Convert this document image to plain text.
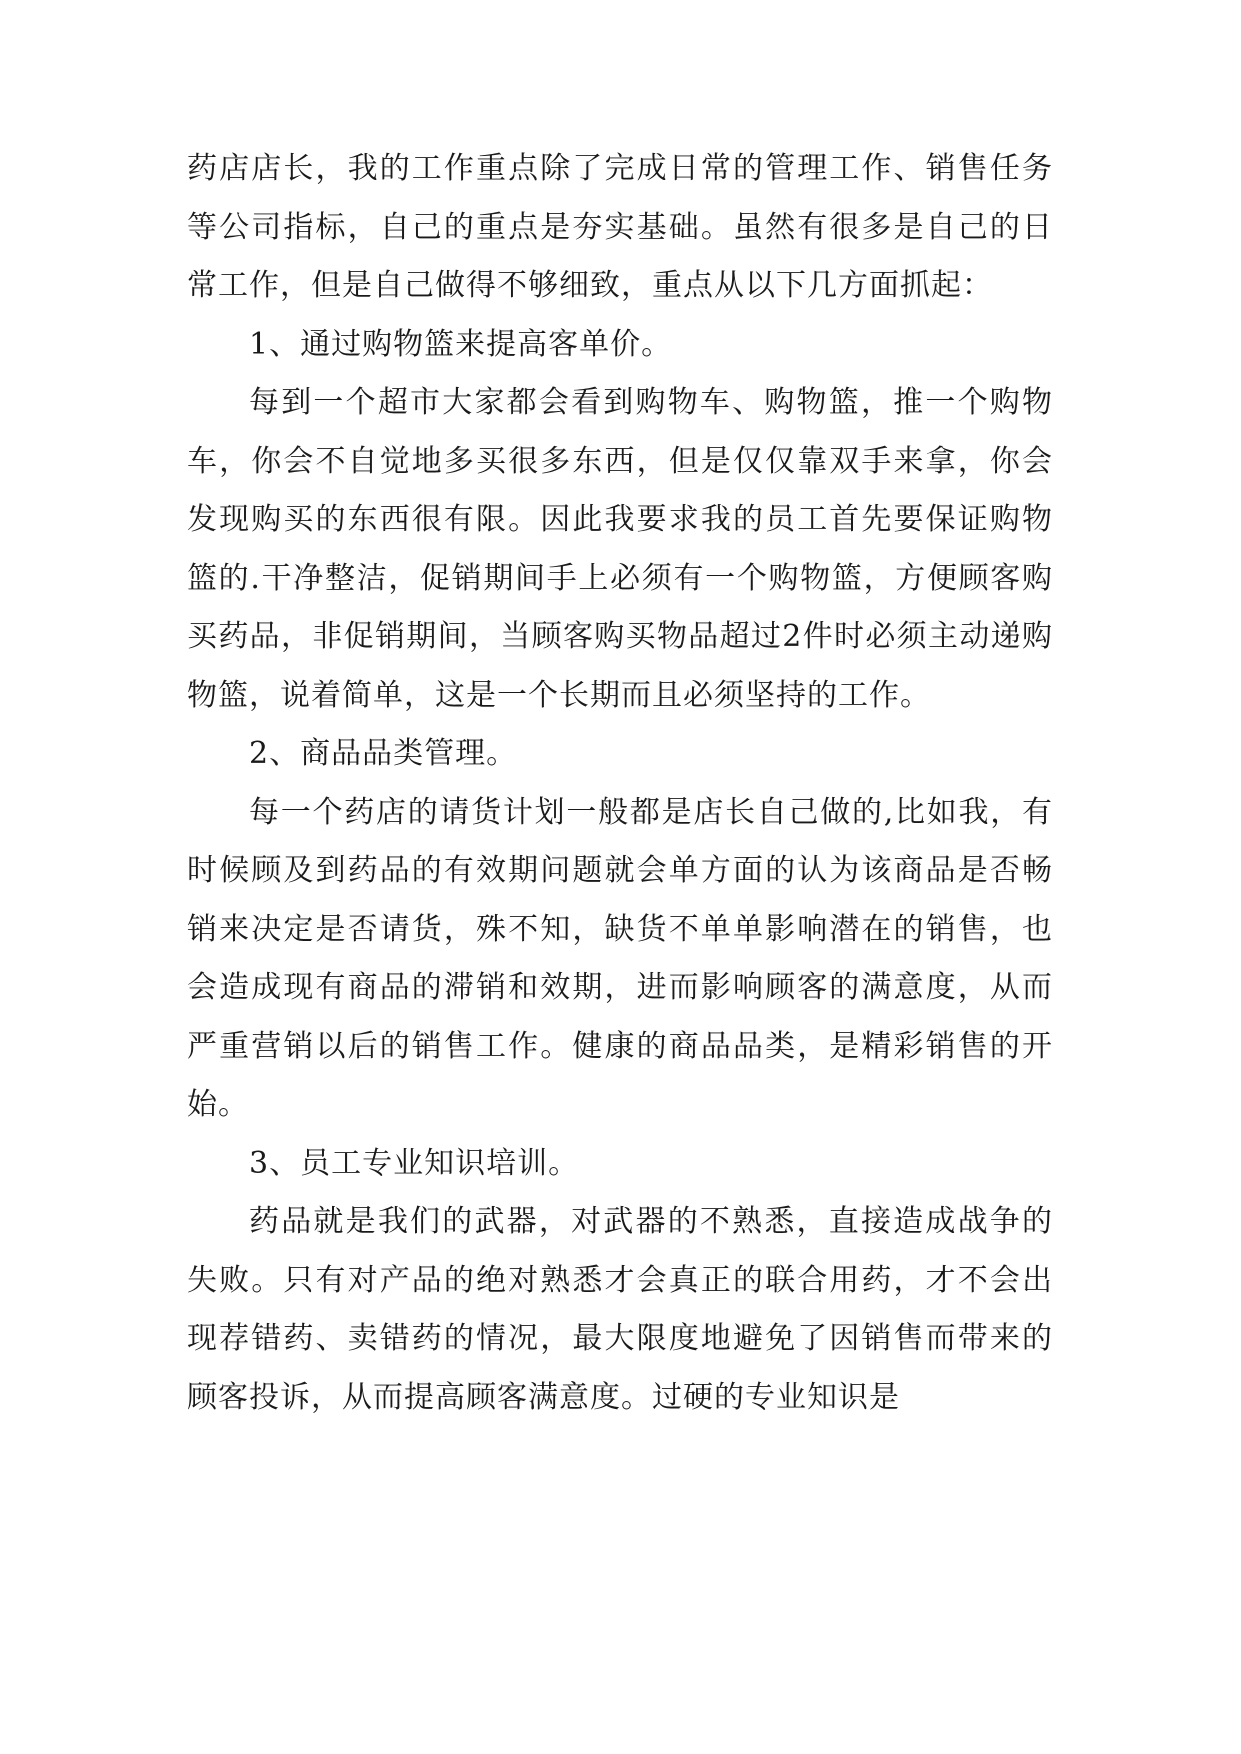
药店店长，我的工作重点除了完成日常的管理工作、销售任务等公司指标，自己的重点是夯实基础。虽然有很多是自己的日常工作，但是自己做得不够细致，重点从以下几方面抓起：

1、通过购物篮来提高客单价。

每到一个超市大家都会看到购物车、购物篮，推一个购物车，你会不自觉地多买很多东西，但是仅仅靠双手来拿，你会发现购买的东西很有限。因此我要求我的员工首先要保证购物篮的.干净整洁，促销期间手上必须有一个购物篮，方便顾客购买药品，非促销期间，当顾客购买物品超过2件时必须主动递购物篮，说着简单，这是一个长期而且必须坚持的工作。

2、商品品类管理。

每一个药店的请货计划一般都是店长自己做的,比如我，有时候顾及到药品的有效期问题就会单方面的认为该商品是否畅销来决定是否请货，殊不知，缺货不单单影响潜在的销售，也会造成现有商品的滞销和效期，进而影响顾客的满意度，从而严重营销以后的销售工作。健康的商品品类，是精彩销售的开始。

3、员工专业知识培训。

药品就是我们的武器，对武器的不熟悉，直接造成战争的失败。只有对产品的绝对熟悉才会真正的联合用药，才不会出现荐错药、卖错药的情况，最大限度地避免了因销售而带来的顾客投诉，从而提高顾客满意度。过硬的专业知识是
